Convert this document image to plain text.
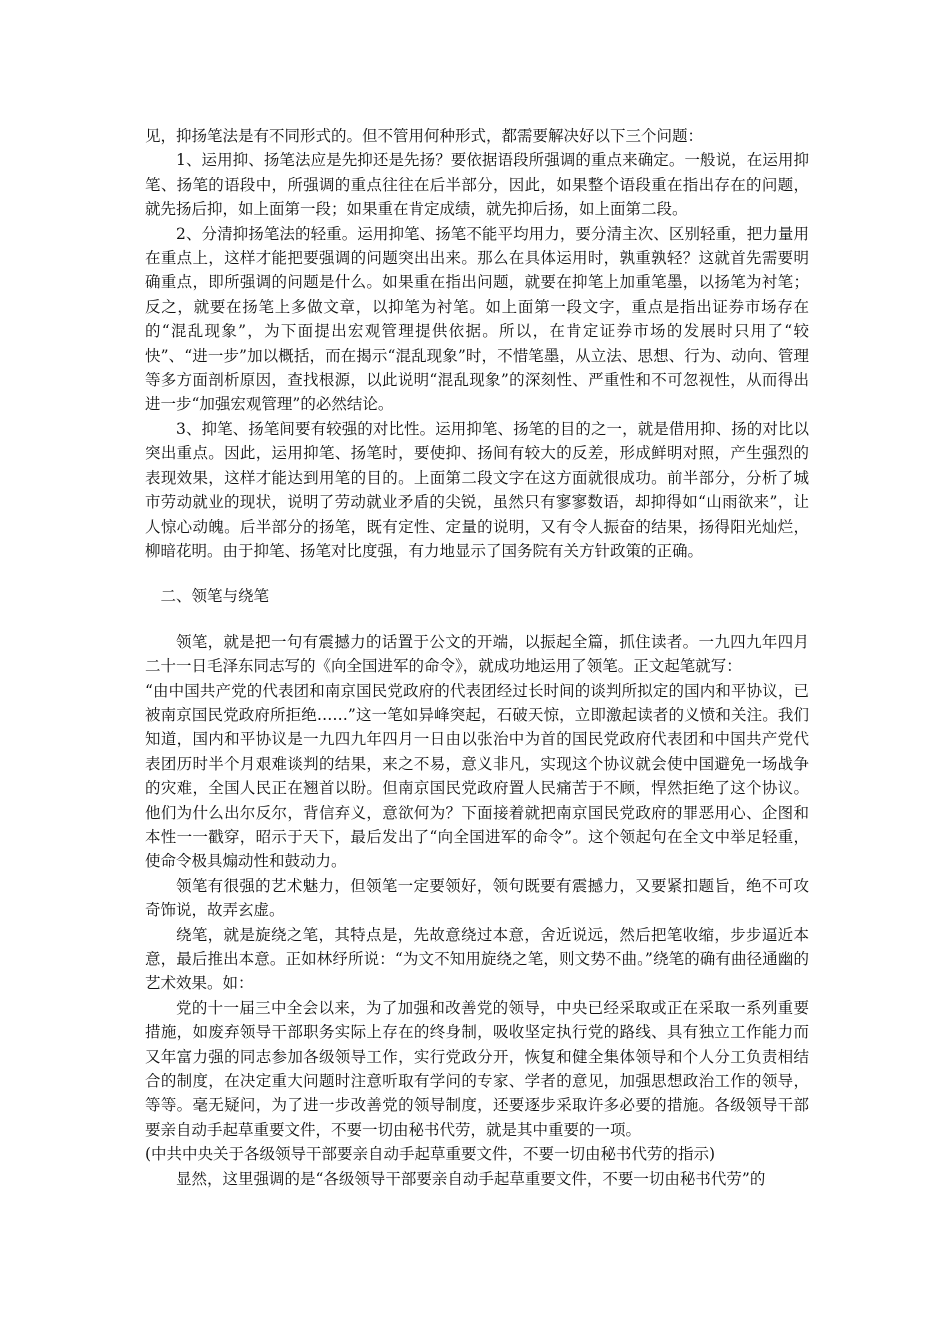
见，抑扬笔法是有不同形式的。但不管用何种形式，都需要解决好以下三个问题：

1、运用抑、扬笔法应是先抑还是先扬？要依据语段所强调的重点来确定。一般说，在运用抑笔、扬笔的语段中，所强调的重点往往在后半部分，因此，如果整个语段重在指出存在的问题，就先扬后抑，如上面第一段；如果重在肯定成绩，就先抑后扬，如上面第二段。

2、分清抑扬笔法的轻重。运用抑笔、扬笔不能平均用力，要分清主次、区别轻重，把力量用在重点上，这样才能把要强调的问题突出出来。那么在具体运用时，孰重孰轻？这就首先需要明确重点，即所强调的问题是什么。如果重在指出问题，就要在抑笔上加重笔墨，以扬笔为衬笔；反之，就要在扬笔上多做文章，以抑笔为衬笔。如上面第一段文字，重点是指出证券市场存在的“混乱现象”，为下面提出宏观管理提供依据。所以，在肯定证券市场的发展时只用了“较快”、“进一步”加以概括，而在揭示“混乱现象”时，不惜笔墨，从立法、思想、行为、动向、管理等多方面剖析原因，查找根源，以此说明“混乱现象”的深刻性、严重性和不可忽视性，从而得出进一步“加强宏观管理”的必然结论。

3、抑笔、扬笔间要有较强的对比性。运用抑笔、扬笔的目的之一，就是借用抑、扬的对比以突出重点。因此，运用抑笔、扬笔时，要使抑、扬间有较大的反差，形成鲜明对照，产生强烈的表现效果，这样才能达到用笔的目的。上面第二段文字在这方面就很成功。前半部分，分析了城市劳动就业的现状，说明了劳动就业矛盾的尖锐，虽然只有寥寥数语，却抑得如“山雨欲来”，让人惊心动魄。后半部分的扬笔，既有定性、定量的说明，又有令人振奋的结果，扬得阳光灿烂，柳暗花明。由于抑笔、扬笔对比度强，有力地显示了国务院有关方针政策的正确。

二、领笔与绕笔

领笔，就是把一句有震撼力的话置于公文的开端，以振起全篇，抓住读者。一九四九年四月二十一日毛泽东同志写的《向全国进军的命令》，就成功地运用了领笔。正文起笔就写：

“由中国共产党的代表团和南京国民党政府的代表团经过长时间的谈判所拟定的国内和平协议，已被南京国民党政府所拒绝……”这一笔如异峰突起，石破天惊，立即激起读者的义愤和关注。我们知道，国内和平协议是一九四九年四月一日由以张治中为首的国民党政府代表团和中国共产党代表团历时半个月艰难谈判的结果，来之不易，意义非凡，实现这个协议就会使中国避免一场战争的灾难，全国人民正在翘首以盼。但南京国民党政府置人民痛苦于不顾，悍然拒绝了这个协议。他们为什么出尔反尔，背信弃义，意欲何为？下面接着就把南京国民党政府的罪恶用心、企图和本性一一戳穿，昭示于天下，最后发出了“向全国进军的命令”。这个领起句在全文中举足轻重，使命令极具煽动性和鼓动力。

领笔有很强的艺术魅力，但领笔一定要领好，领句既要有震撼力，又要紧扣题旨，绝不可攻奇饰说，故弄玄虚。

绕笔，就是旋绕之笔，其特点是，先故意绕过本意，舍近说远，然后把笔收缩，步步逼近本意，最后推出本意。正如林纾所说：“为文不知用旋绕之笔，则文势不曲。”绕笔的确有曲径通幽的艺术效果。如：

党的十一届三中全会以来，为了加强和改善党的领导，中央已经采取或正在采取一系列重要措施，如废弃领导干部职务实际上存在的终身制，吸收坚定执行党的路线、具有独立工作能力而又年富力强的同志参加各级领导工作，实行党政分开，恢复和健全集体领导和个人分工负责相结合的制度，在决定重大问题时注意听取有学问的专家、学者的意见，加强思想政治工作的领导，等等。毫无疑问，为了进一步改善党的领导制度，还要逐步采取许多必要的措施。各级领导干部要亲自动手起草重要文件，不要一切由秘书代劳，就是其中重要的一项。

(中共中央关于各级领导干部要亲自动手起草重要文件，不要一切由秘书代劳的指示)

显然，这里强调的是“各级领导干部要亲自动手起草重要文件，不要一切由秘书代劳”的
